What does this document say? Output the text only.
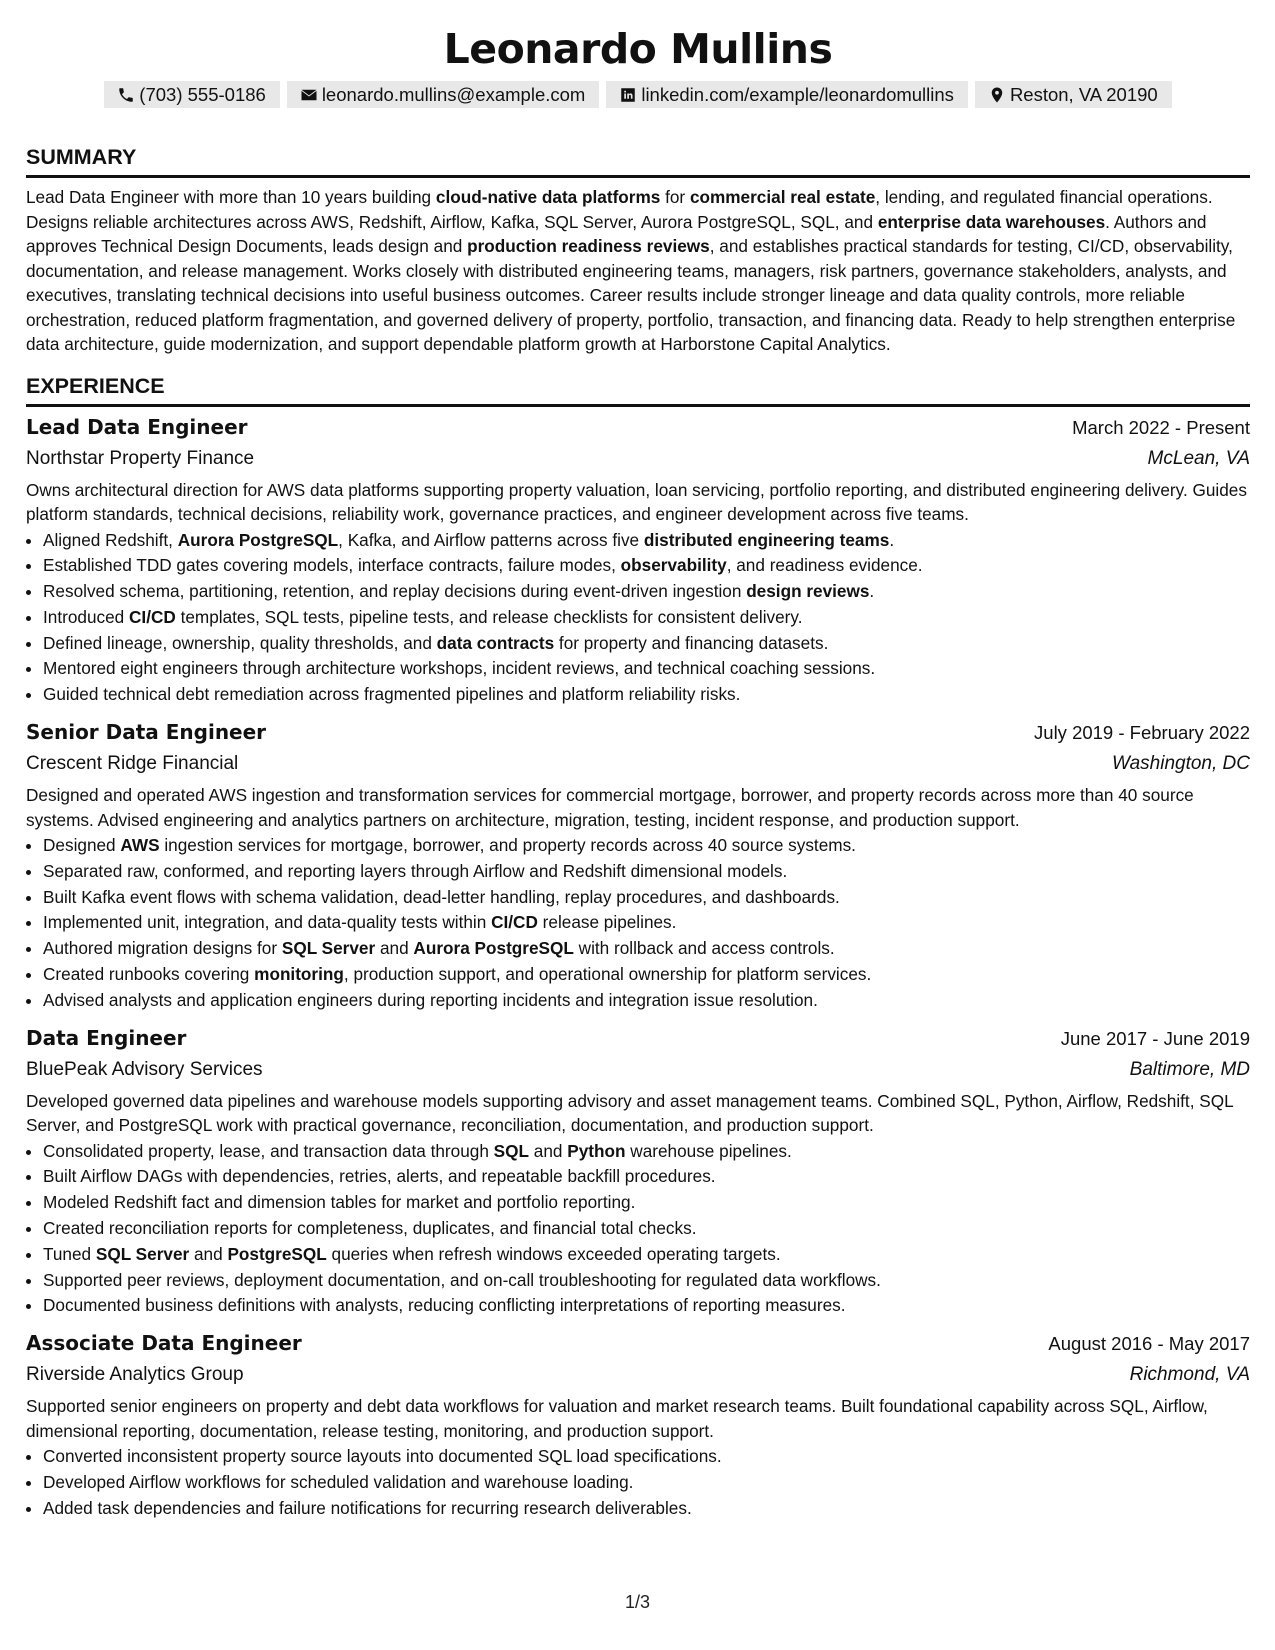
Leonardo Mullins
(703) 555-0186	leonardo.mullins@example.com	linkedin.com/example/leonardomullins	Reston, VA 20190
SUMMARY

Lead Data Engineer with more than 10 years building cloud-native data platforms for commercial real estate, lending, and regulated financial operations. Designs reliable architectures across AWS, Redshift, Airflow, Kafka, SQL Server, Aurora PostgreSQL, SQL, and enterprise data warehouses. Authors and approves Technical Design Documents, leads design and production readiness reviews, and establishes practical standards for testing, CI/CD, observability, documentation, and release management. Works closely with distributed engineering teams, managers, risk partners, governance stakeholders, analysts, and executives, translating technical decisions into useful business outcomes. Career results include stronger lineage and data quality controls, more reliable orchestration, reduced platform fragmentation, and governed delivery of property, portfolio, transaction, and financing data. Ready to help strengthen enterprise data architecture, guide modernization, and support dependable platform growth at Harborstone Capital Analytics.

EXPERIENCE
Lead Data Engineer	March 2022 - Present
Northstar Property Finance	McLean, VA
Owns architectural direction for AWS data platforms supporting property valuation, loan servicing, portfolio reporting, and distributed engineering delivery. Guides platform standards, technical decisions, reliability work, governance practices, and engineer development across five teams.
• Aligned Redshift, Aurora PostgreSQL, Kafka, and Airflow patterns across five distributed engineering teams.
• Established TDD gates covering models, interface contracts, failure modes, observability, and readiness evidence.
• Resolved schema, partitioning, retention, and replay decisions during event-driven ingestion design reviews.
• Introduced CI/CD templates, SQL tests, pipeline tests, and release checklists for consistent delivery.
• Defined lineage, ownership, quality thresholds, and data contracts for property and financing datasets.
• Mentored eight engineers through architecture workshops, incident reviews, and technical coaching sessions.
• Guided technical debt remediation across fragmented pipelines and platform reliability risks.
Senior Data Engineer	July 2019 - February 2022
Crescent Ridge Financial	Washington, DC
Designed and operated AWS ingestion and transformation services for commercial mortgage, borrower, and property records across more than 40 source systems. Advised engineering and analytics partners on architecture, migration, testing, incident response, and production support.
• Designed AWS ingestion services for mortgage, borrower, and property records across 40 source systems.
• Separated raw, conformed, and reporting layers through Airflow and Redshift dimensional models.
• Built Kafka event flows with schema validation, dead-letter handling, replay procedures, and dashboards.
• Implemented unit, integration, and data-quality tests within CI/CD release pipelines.
• Authored migration designs for SQL Server and Aurora PostgreSQL with rollback and access controls.
• Created runbooks covering monitoring, production support, and operational ownership for platform services.
• Advised analysts and application engineers during reporting incidents and integration issue resolution.
Data Engineer	June 2017 - June 2019
BluePeak Advisory Services	Baltimore, MD
Developed governed data pipelines and warehouse models supporting advisory and asset management teams. Combined SQL, Python, Airflow, Redshift, SQL Server, and PostgreSQL work with practical governance, reconciliation, documentation, and production support.
• Consolidated property, lease, and transaction data through SQL and Python warehouse pipelines.
• Built Airflow DAGs with dependencies, retries, alerts, and repeatable backfill procedures.
• Modeled Redshift fact and dimension tables for market and portfolio reporting.
• Created reconciliation reports for completeness, duplicates, and financial total checks.
• Tuned SQL Server and PostgreSQL queries when refresh windows exceeded operating targets.
• Supported peer reviews, deployment documentation, and on-call troubleshooting for regulated data workflows.
• Documented business definitions with analysts, reducing conflicting interpretations of reporting measures.
Associate Data Engineer	August 2016 - May 2017
Riverside Analytics Group	Richmond, VA
Supported senior engineers on property and debt data workflows for valuation and market research teams. Built foundational capability across SQL, Airflow, dimensional reporting, documentation, release testing, monitoring, and production support.
• Converted inconsistent property source layouts into documented SQL load specifications.
• Developed Airflow workflows for scheduled validation and warehouse loading.
• Added task dependencies and failure notifications for recurring research deliverables.
1/3
